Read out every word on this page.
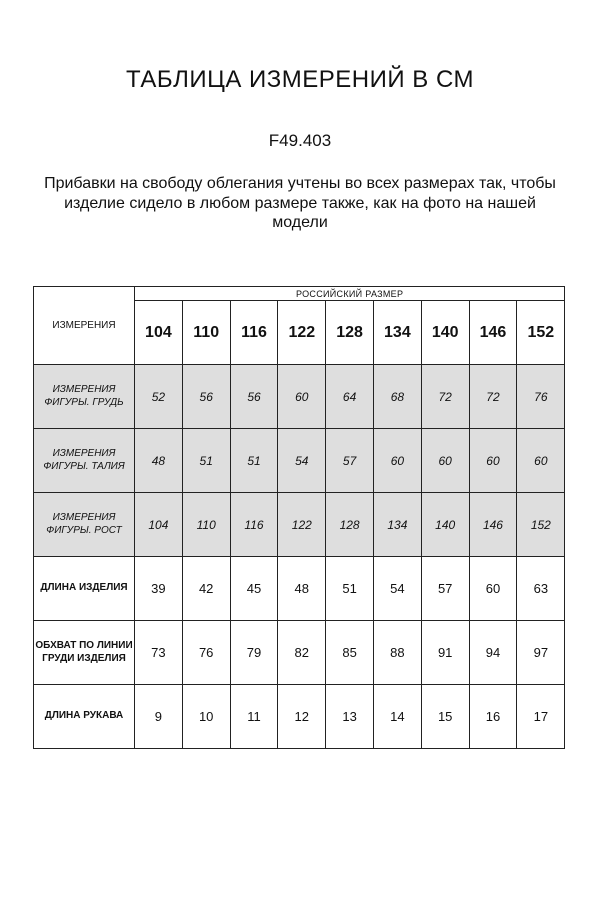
ТАБЛИЦА ИЗМЕРЕНИЙ В СМ
F49.403
Прибавки на свободу облегания учтены во всех размерах так, чтобы изделие сидело в любом размере также, как на фото на нашей модели
ИЗМЕРЕНИЯ	РОССИЙСКИЙ РАЗМЕР								
	104	110	116	122	128	134	140	146	152
ИЗМЕРЕНИЯ ФИГУРЫ. ГРУДЬ	52	56	56	60	64	68	72	72	76
ИЗМЕРЕНИЯ ФИГУРЫ. ТАЛИЯ	48	51	51	54	57	60	60	60	60
ИЗМЕРЕНИЯ ФИГУРЫ. РОСТ	104	110	116	122	128	134	140	146	152
ДЛИНА ИЗДЕЛИЯ	39	42	45	48	51	54	57	60	63
ОБХВАТ ПО ЛИНИИ ГРУДИ ИЗДЕЛИЯ	73	76	79	82	85	88	91	94	97
ДЛИНА РУКАВА	9	10	11	12	13	14	15	16	17
